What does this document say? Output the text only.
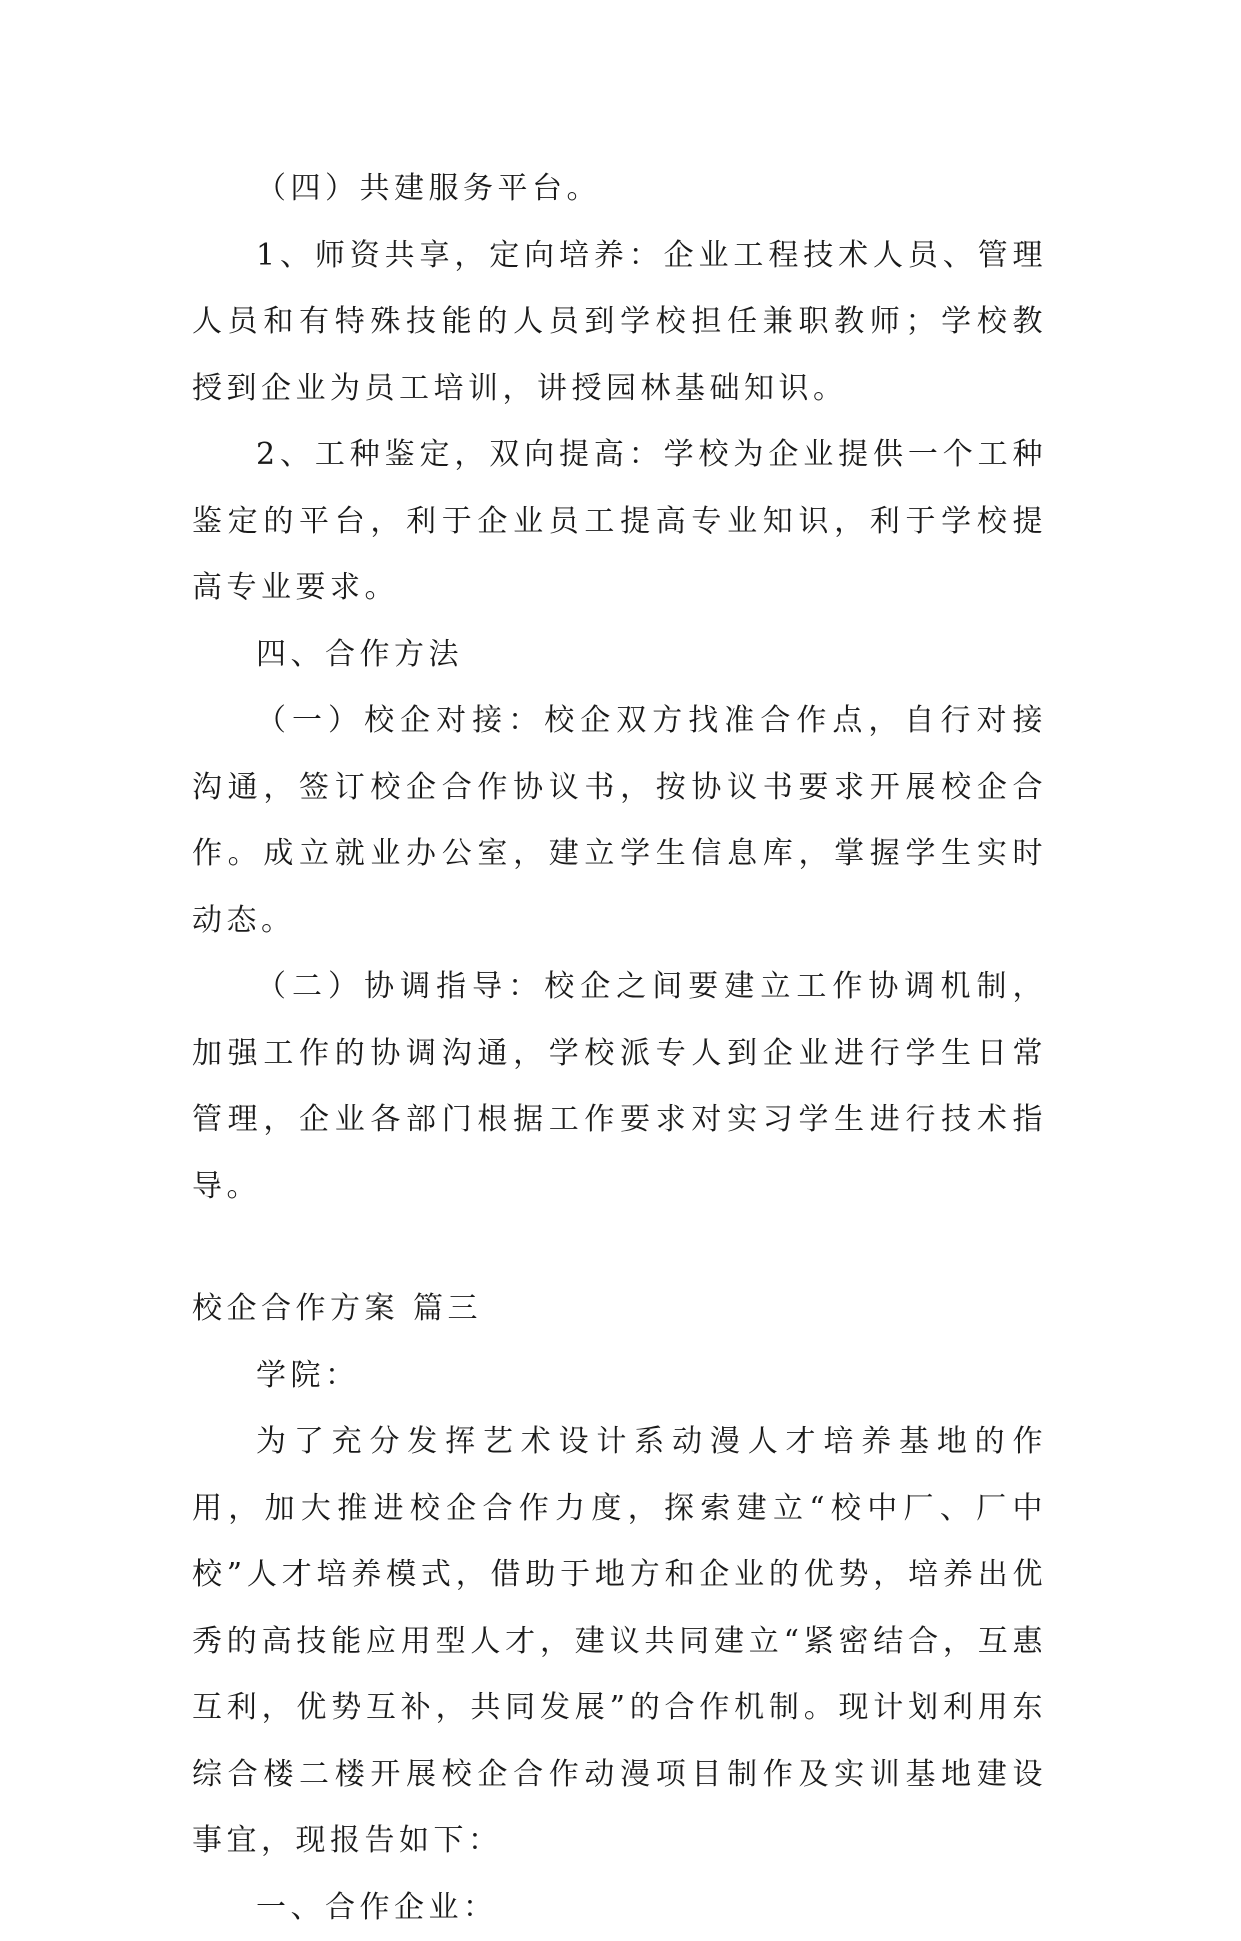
（四）共建服务平台。

1、师资共享，定向培养：企业工程技术人员、管理人员和有特殊技能的人员到学校担任兼职教师；学校教授到企业为员工培训，讲授园林基础知识。

2、工种鉴定，双向提高：学校为企业提供一个工种鉴定的平台，利于企业员工提高专业知识，利于学校提高专业要求。

四、合作方法

（一）校企对接：校企双方找准合作点，自行对接沟通，签订校企合作协议书，按协议书要求开展校企合作。成立就业办公室，建立学生信息库，掌握学生实时动态。

（二）协调指导：校企之间要建立工作协调机制，加强工作的协调沟通，学校派专人到企业进行学生日常管理，企业各部门根据工作要求对实习学生进行技术指导。

校企合作方案 篇三

学院：

为了充分发挥艺术设计系动漫人才培养基地的作用，加大推进校企合作力度，探索建立“校中厂、厂中校”人才培养模式，借助于地方和企业的优势，培养出优秀的高技能应用型人才，建议共同建立“紧密结合，互惠互利，优势互补，共同发展”的合作机制。现计划利用东综合楼二楼开展校企合作动漫项目制作及实训基地建设事宜，现报告如下：

一、合作企业：
